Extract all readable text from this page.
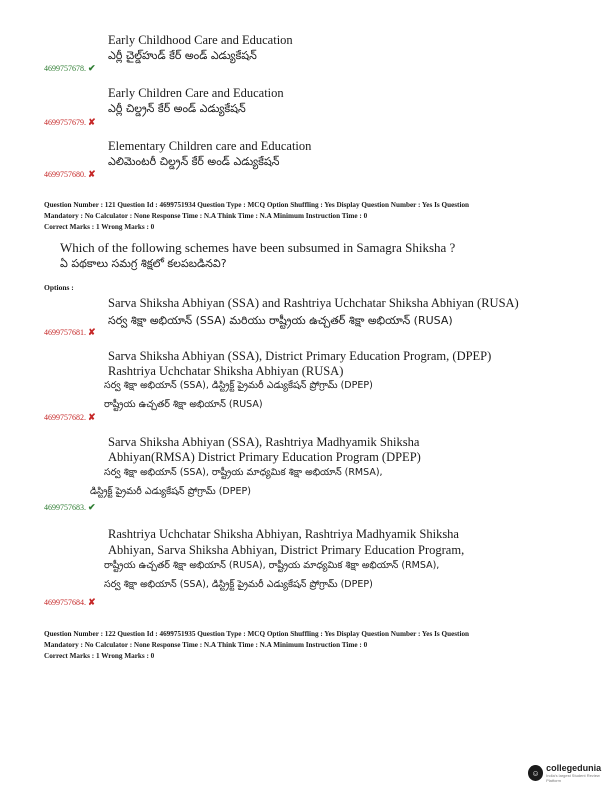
Early Childhood Care and Education
ఎర్లీ చైల్డ్‌హుడ్ కేర్ అండ్ ఎడ్యుకేషన్
4699757678. ✔
Early Children Care and Education
ఎర్లీ చిల్డ్రన్ కేర్ అండ్ ఎడ్యుకేషన్
4699757679. ✘
Elementary Children care and Education
ఎలిమెంటరీ చిల్డ్రన్ కేర్ అండ్ ఎడ్యుకేషన్
4699757680. ✘
Question Number : 121 Question Id : 4699751934 Question Type : MCQ Option Shuffling : Yes Display Question Number : Yes Is Question
Mandatory : No Calculator : None Response Time : N.A Think Time : N.A Minimum Instruction Time : 0
Correct Marks : 1 Wrong Marks : 0
Which of the following schemes have been subsumed in Samagra Shiksha ?
ఏ పథకాలు సమగ్ర శిక్షలో కలపబడినవి?
Options :
Sarva Shiksha Abhiyan (SSA) and Rashtriya Uchchatar Shiksha Abhiyan (RUSA)
సర్వ శిక్షా అభియాన్ (SSA) మరియు రాష్ట్రీయ ఉచ్చతర్ శిక్షా అభియాన్ (RUSA)
4699757681. ✘
Sarva Shiksha Abhiyan (SSA), District Primary Education Program, (DPEP)
Rashtriya Uchchatar Shiksha Abhiyan (RUSA)
సర్వ శిక్షా అభియాన్ (SSA), డిస్ట్రిక్ట్ ప్రైమరీ ఎడ్యుకేషన్ ప్రోగ్రామ్ (DPEP)
రాష్ట్రీయ ఉచ్చతర్ శిక్షా అభియాన్ (RUSA)
4699757682. ✘
Sarva Shiksha Abhiyan (SSA), Rashtriya Madhyamik Shiksha
Abhiyan(RMSA) District Primary Education Program (DPEP)
సర్వ శిక్షా అభియాన్ (SSA), రాష్ట్రీయ మాధ్యమిక శిక్షా అభియాన్ (RMSA),
డిస్ట్రిక్ట్ ప్రైమరీ ఎడ్యుకేషన్ ప్రోగ్రామ్ (DPEP)
4699757683. ✔
Rashtriya Uchchatar Shiksha Abhiyan, Rashtriya Madhyamik Shiksha
Abhiyan, Sarva Shiksha Abhiyan, District Primary Education Program,
రాష్ట్రీయ ఉచ్చతర్ శిక్షా అభియాన్ (RUSA), రాష్ట్రీయ మాధ్యమిక శిక్షా అభియాన్ (RMSA),
సర్వ శిక్షా అభియాన్ (SSA), డిస్ట్రిక్ట్ ప్రైమరీ ఎడ్యుకేషన్ ప్రోగ్రామ్ (DPEP)
4699757684. ✘
Question Number : 122 Question Id : 4699751935 Question Type : MCQ Option Shuffling : Yes Display Question Number : Yes Is Question
Mandatory : No Calculator : None Response Time : N.A Think Time : N.A Minimum Instruction Time : 0
Correct Marks : 1 Wrong Marks : 0
☺ collegedunia
India's largest Student Review Platform
